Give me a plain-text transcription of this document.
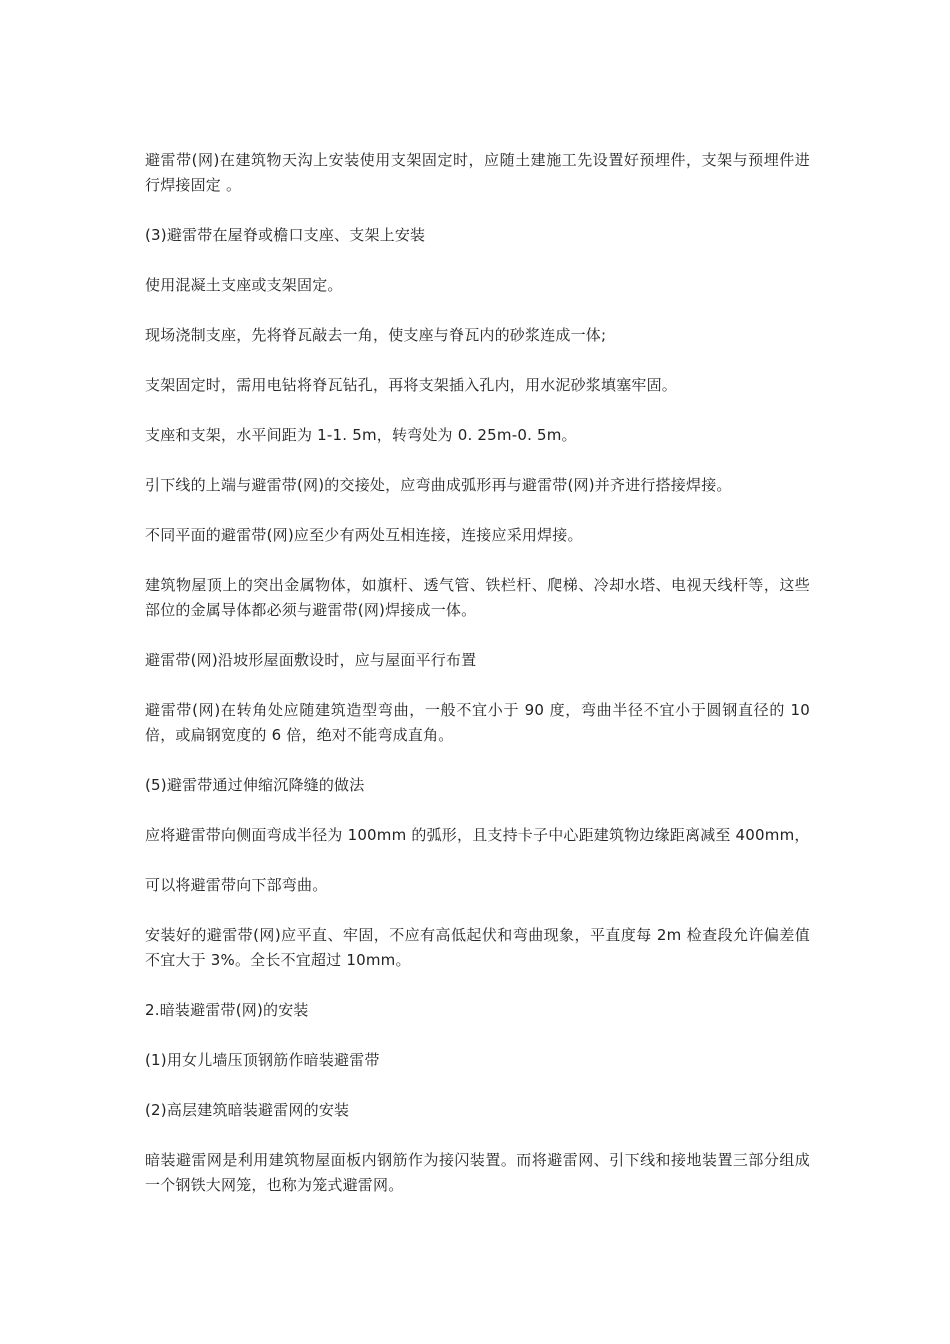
避雷带(网)在建筑物天沟上安装使用支架固定时，应随土建施工先设置好预埋件，支架与预埋件进行焊接固定 。

(3)避雷带在屋脊或檐口支座、支架上安装

使用混凝土支座或支架固定。

现场浇制支座，先将脊瓦敲去一角，使支座与脊瓦内的砂浆连成一体;

支架固定时，需用电钻将脊瓦钻孔，再将支架插入孔内，用水泥砂浆填塞牢固。

支座和支架，水平间距为 1-1. 5m，转弯处为 0. 25m-0. 5m。

引下线的上端与避雷带(网)的交接处，应弯曲成弧形再与避雷带(网)并齐进行搭接焊接。

不同平面的避雷带(网)应至少有两处互相连接，连接应采用焊接。

建筑物屋顶上的突出金属物体，如旗杆、透气管、铁栏杆、爬梯、冷却水塔、电视天线杆等，这些部位的金属导体都必须与避雷带(网)焊接成一体。

避雷带(网)沿坡形屋面敷设时，应与屋面平行布置

避雷带(网)在转角处应随建筑造型弯曲，一般不宜小于 90 度，弯曲半径不宜小于圆钢直径的 10 倍，或扁钢宽度的 6 倍，绝对不能弯成直角。

(5)避雷带通过伸缩沉降缝的做法

应将避雷带向侧面弯成半径为 100mm 的弧形，且支持卡子中心距建筑物边缘距离减至 400mm，

可以将避雷带向下部弯曲。

安装好的避雷带(网)应平直、牢固，不应有高低起伏和弯曲现象，平直度每 2m 检查段允许偏差值不宜大于 3%。全长不宜超过 10mm。

2.暗装避雷带(网)的安装

(1)用女儿墙压顶钢筋作暗装避雷带

(2)高层建筑暗装避雷网的安装

暗装避雷网是利用建筑物屋面板内钢筋作为接闪装置。而将避雷网、引下线和接地装置三部分组成一个钢铁大网笼，也称为笼式避雷网。
